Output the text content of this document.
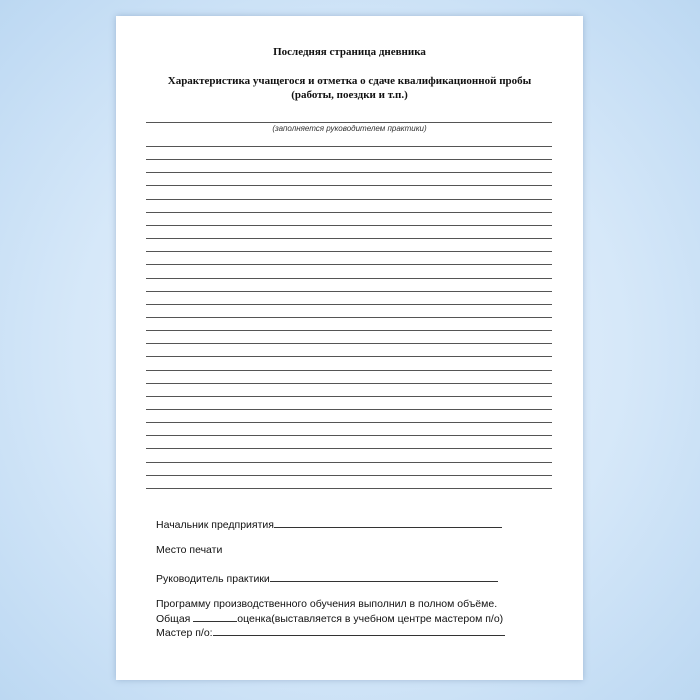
Последняя страница дневника
Характеристика учащегося и отметка о сдаче квалификационной пробы
(работы, поездки и т.п.)
(заполняется руководителем практики)
Начальник предприятия
Место печати
Руководитель практики
Программу производственного обучения выполнил в полном объёме.
Общая	оценка(выставляется в учебном центре мастером п/о)
Мастер п/о:
